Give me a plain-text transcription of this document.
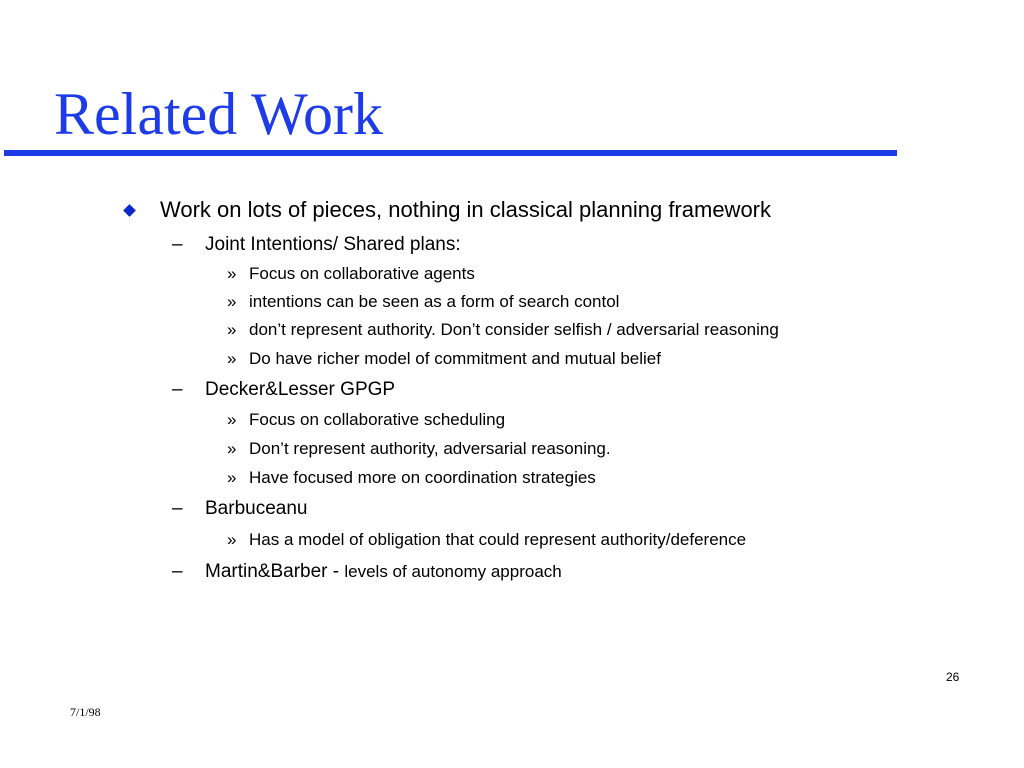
Related Work
Work on lots of pieces, nothing in classical planning framework
– Joint Intentions/ Shared plans:
» Focus on collaborative agents
» intentions can be seen as a form of search contol
» don’t represent authority. Don’t consider selfish / adversarial reasoning
» Do have richer model of commitment and mutual belief
– Decker&Lesser GPGP
» Focus on collaborative scheduling
» Don’t represent authority, adversarial reasoning.
» Have focused more on coordination strategies
– Barbuceanu
» Has a model of obligation that could represent authority/deference
– Martin&Barber - levels of autonomy approach
26
7/1/98
